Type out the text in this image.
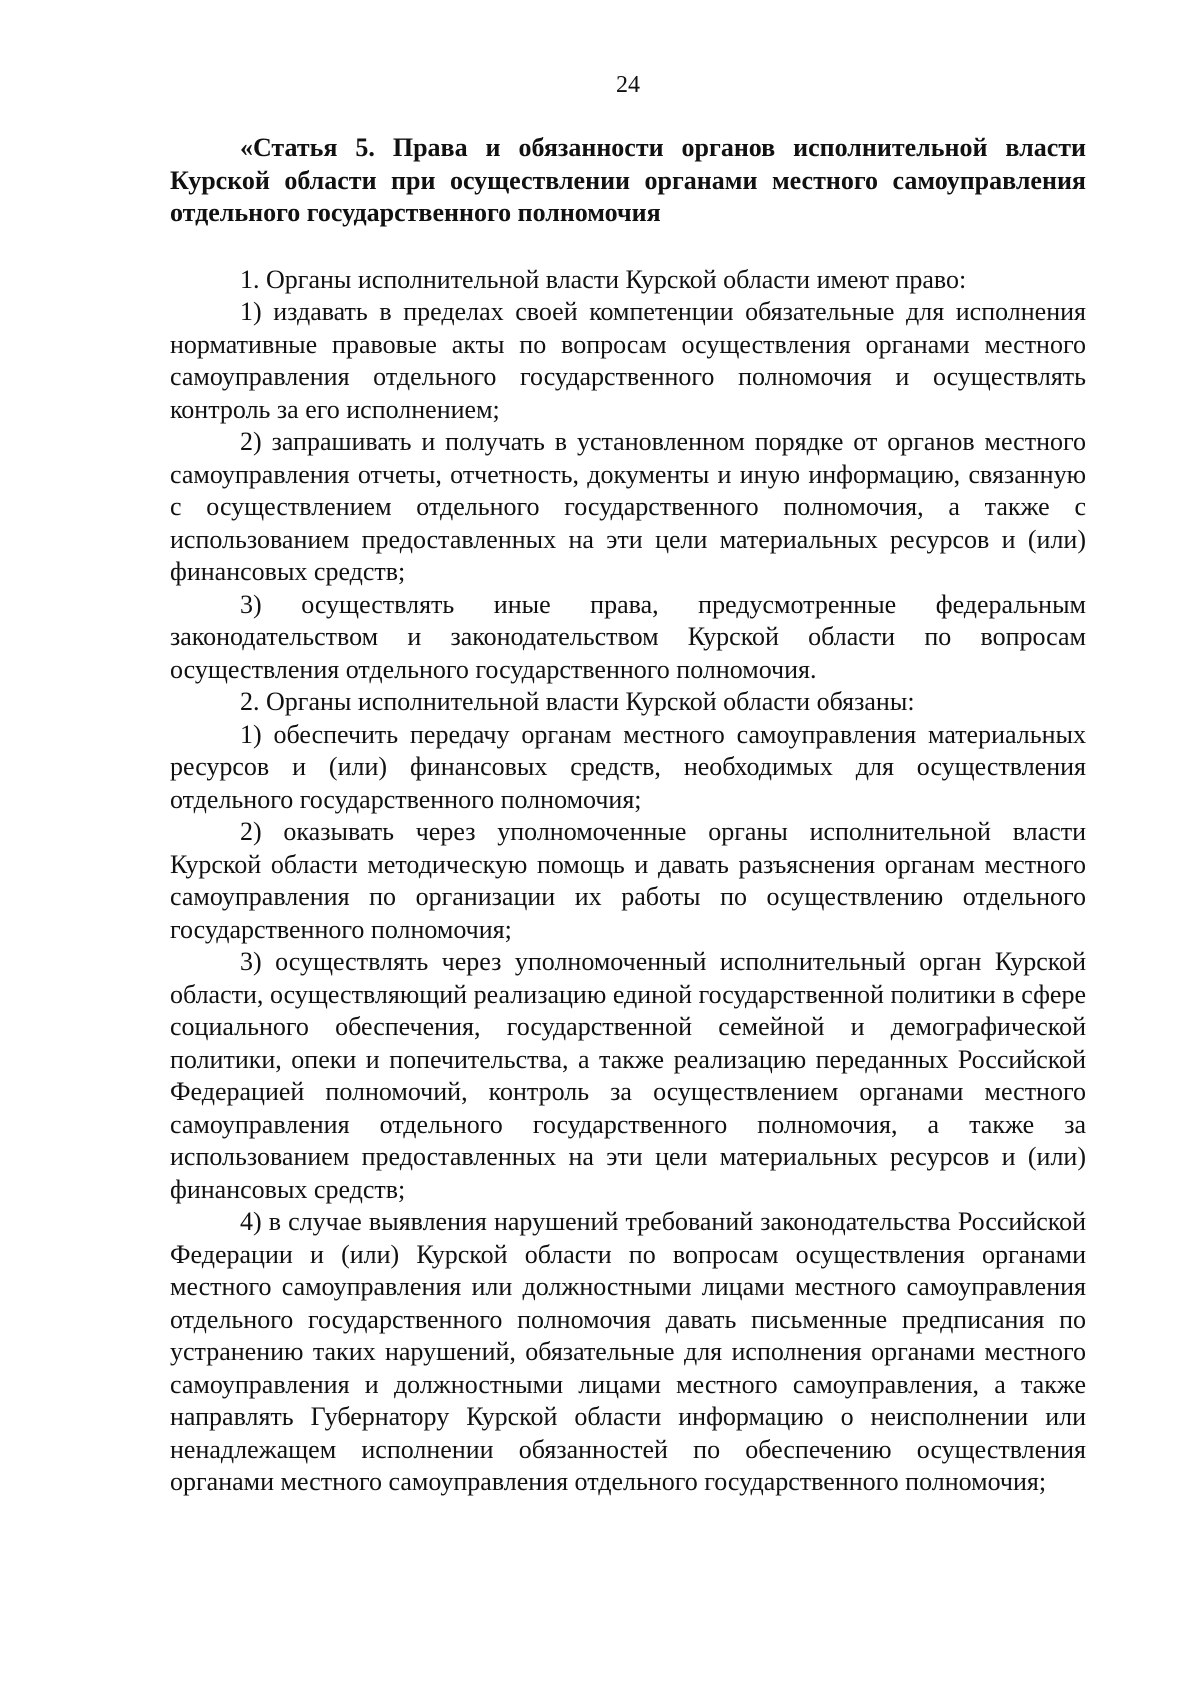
24
«Статья 5. Права и обязанности органов исполнительной власти Курской области при осуществлении органами местного самоуправления отдельного государственного полномочия

1. Органы исполнительной власти Курской области имеют право:

1) издавать в пределах своей компетенции обязательные для исполнения нормативные правовые акты по вопросам осуществления органами местного самоуправления отдельного государственного полномочия и осуществлять контроль за его исполнением;

2) запрашивать и получать в установленном порядке от органов местного самоуправления отчеты, отчетность, документы и иную информацию, связанную с осуществлением отдельного государственного полномочия, а также с использованием предоставленных на эти цели материальных ресурсов и (или) финансовых средств;

3) осуществлять иные права, предусмотренные федеральным законодательством и законодательством Курской области по вопросам осуществления отдельного государственного полномочия.

2. Органы исполнительной власти Курской области обязаны:

1) обеспечить передачу органам местного самоуправления материальных ресурсов и (или) финансовых средств, необходимых для осуществления отдельного государственного полномочия;

2) оказывать через уполномоченные органы исполнительной власти Курской области методическую помощь и давать разъяснения органам местного самоуправления по организации их работы по осуществлению отдельного государственного полномочия;

3) осуществлять через уполномоченный исполнительный орган Курской области, осуществляющий реализацию единой государственной политики в сфере социального обеспечения, государственной семейной и демографической политики, опеки и попечительства, а также реализацию переданных Российской Федерацией полномочий, контроль за осуществлением органами местного самоуправления отдельного государственного полномочия, а также за использованием предоставленных на эти цели материальных ресурсов и (или) финансовых средств;

4) в случае выявления нарушений требований законодательства Российской Федерации и (или) Курской области по вопросам осуществления органами местного самоуправления или должностными лицами местного самоуправления отдельного государственного полномочия давать письменные предписания по устранению таких нарушений, обязательные для исполнения органами местного самоуправления и должностными лицами местного самоуправления, а также направлять Губернатору Курской области информацию о неисполнении или ненадлежащем исполнении обязанностей по обеспечению осуществления органами местного самоуправления отдельного государственного полномочия;
